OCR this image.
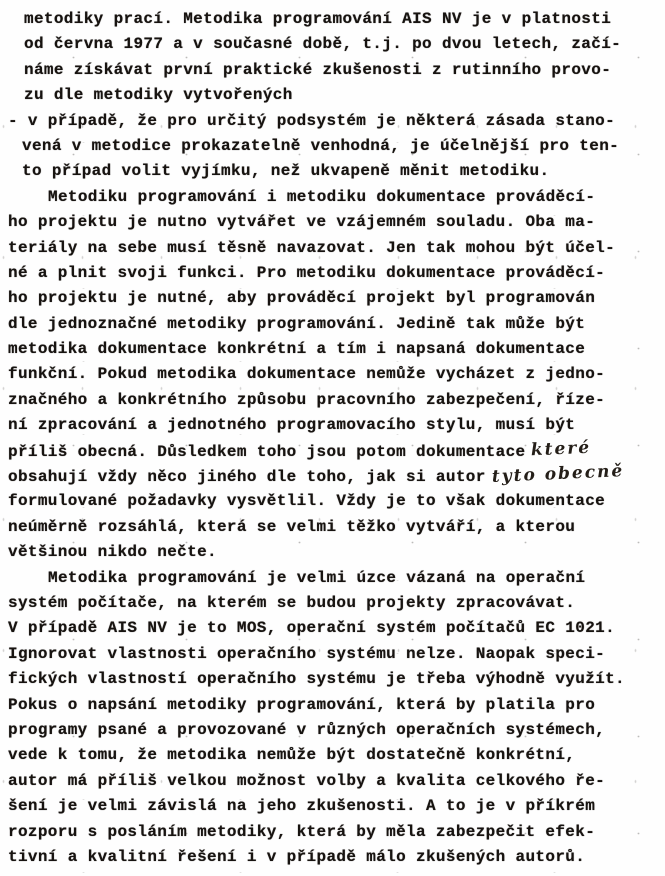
metodiky prací. Metodika programování AIS NV je v platnosti
od června 1977 a v současné době, t.j. po dvou letech, začí-
náme získávat první praktické zkušenosti z rutinního provo-
zu dle metodiky vytvořených
- v případě, že pro určitý podsystém je některá zásada stano-
vená v metodice prokazatelně venhodná, je účelnější pro ten-
to případ volit vyjímku, než ukvapeně měnit metodiku.
Metodiku programování i metodiku dokumentace prováděcí-
ho projektu je nutno vytvářet ve vzájemném souladu. Oba ma-
teriály na sebe musí těsně navazovat. Jen tak mohou být účel-
né a plnit svoji funkci. Pro metodiku dokumentace prováděcí-
ho projektu je nutné, aby prováděcí projekt byl programován
dle jednoznačné metodiky programování. Jedině tak může být
metodika dokumentace konkrétní a tím i napsaná dokumentace
funkční. Pokud metodika dokumentace nemůže vycházet z jedno-
značného a konkrétního způsobu pracovního zabezpečení, říze-
ní zpracování a jednotného programovacího stylu, musí být
příliš obecná. Důsledkem toho jsou potom dokumentace které
obsahují vždy něco jiného dle toho, jak si autor tyto obecně
formulované požadavky vysvětlil. Vždy je to však dokumentace
neúměrně rozsáhlá, která se velmi těžko vytváří, a kterou
většinou nikdo nečte.
Metodika programování je velmi úzce vázaná na operační
systém počítače, na kterém se budou projekty zpracovávat.
V případě AIS NV je to MOS, operační systém počítačů EC 1021.
Ignorovat vlastnosti operačního systému nelze. Naopak speci-
fických vlastností operačního systému je třeba výhodně využít.
Pokus o napsání metodiky programování, která by platila pro
programy psané a provozované v různých operačních systémech,
vede k tomu, že metodika nemůže být dostatečně konkrétní,
autor má příliš velkou možnost volby a kvalita celkového ře-
šení je velmi závislá na jeho zkušenosti. A to je v příkrém
rozporu s posláním metodiky, která by měla zabezpečit efek-
tivní a kvalitní řešení i v případě málo zkušených autorů.
